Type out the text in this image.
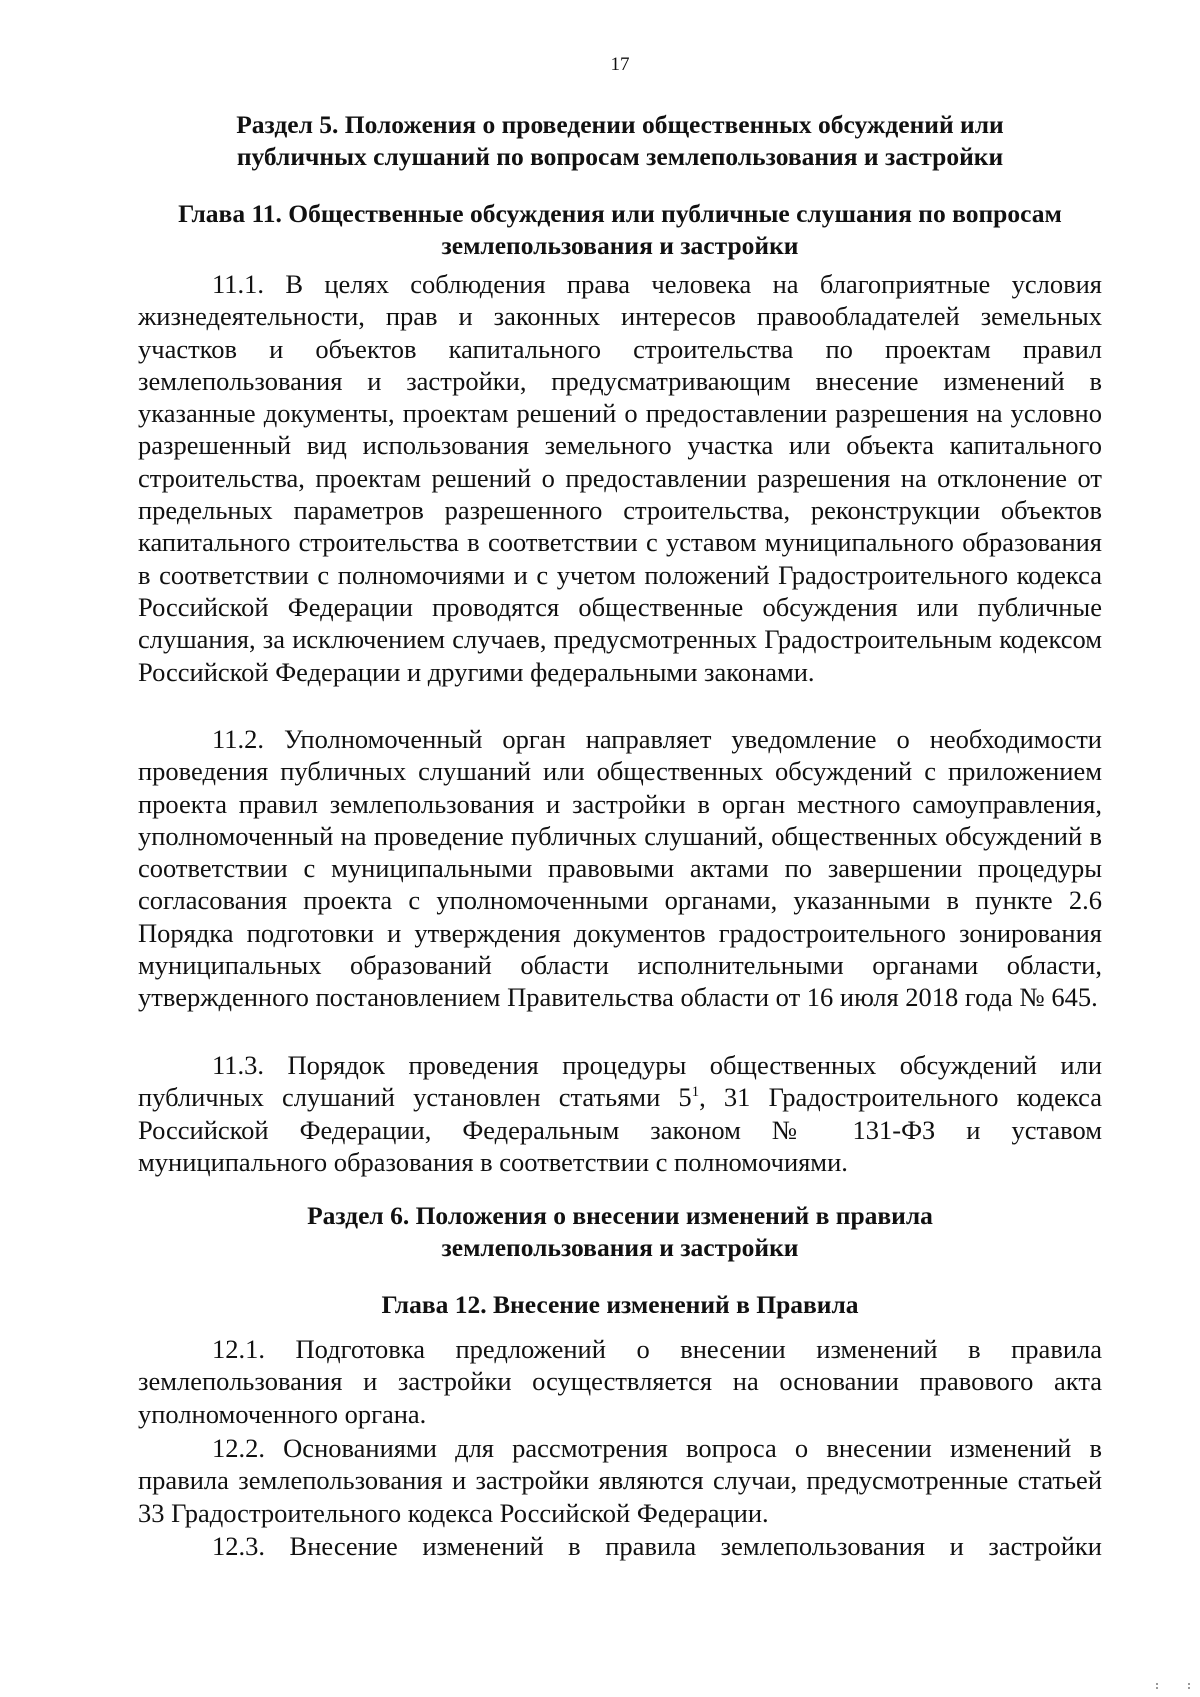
17

Раздел 5. Положения о проведении общественных обсуждений или

публичных слушаний по вопросам землепользования и застройки

Глава 11. Общественные обсуждения или публичные слушания по вопросам

землепользования и застройки

11.1. В целях соблюдения права человека на благоприятные условия жизнедеятельности, прав и законных интересов правообладателей земельных участков и объектов капитального строительства по проектам правил землепользования и застройки, предусматривающим внесение изменений в указанные документы, проектам решений о предоставлении разрешения на условно разрешенный вид использования земельного участка или объекта капитального строительства, проектам решений о предоставлении разрешения на отклонение от предельных параметров разрешенного строительства, реконструкции объектов капитального строительства в соответствии с уставом муниципального образования в соответствии с полномочиями и с учетом положений Градостроительного кодекса Российской Федерации проводятся общественные обсуждения или публичные слушания, за исключением случаев, предусмотренных Градостроительным кодексом Российской Федерации и другими федеральными законами.

11.2. Уполномоченный орган направляет уведомление о необходимости проведения публичных слушаний или общественных обсуждений с приложением проекта правил землепользования и застройки в орган местного самоуправления, уполномоченный на проведение публичных слушаний, общественных обсуждений в соответствии с муниципальными правовыми актами по завершении процедуры согласования проекта с уполномоченными органами, указанными в пункте 2.6 Порядка подготовки и утверждения документов градостроительного зонирования муниципальных образований области исполнительными органами области, утвержденного постановлением Правительства области от 16 июля 2018 года № 645.

11.3. Порядок проведения процедуры общественных обсуждений или публичных слушаний установлен статьями $5^1$, 31 Градостроительного кодекса Российской Федерации, Федеральным законом № 131-ФЗ и уставом муниципального образования в соответствии с полномочиями.

Раздел 6. Положения о внесении изменений в правила

землепользования и застройки

Глава 12. Внесение изменений в Правила

12.1. Подготовка предложений о внесении изменений в правила землепользования и застройки осуществляется на основании правового акта уполномоченного органа.

12.2. Основаниями для рассмотрения вопроса о внесении изменений в правила землепользования и застройки являются случаи, предусмотренные статьей 33 Градостроительного кодекса Российской Федерации.

12.3. Внесение изменений в правила землепользования и застройки
